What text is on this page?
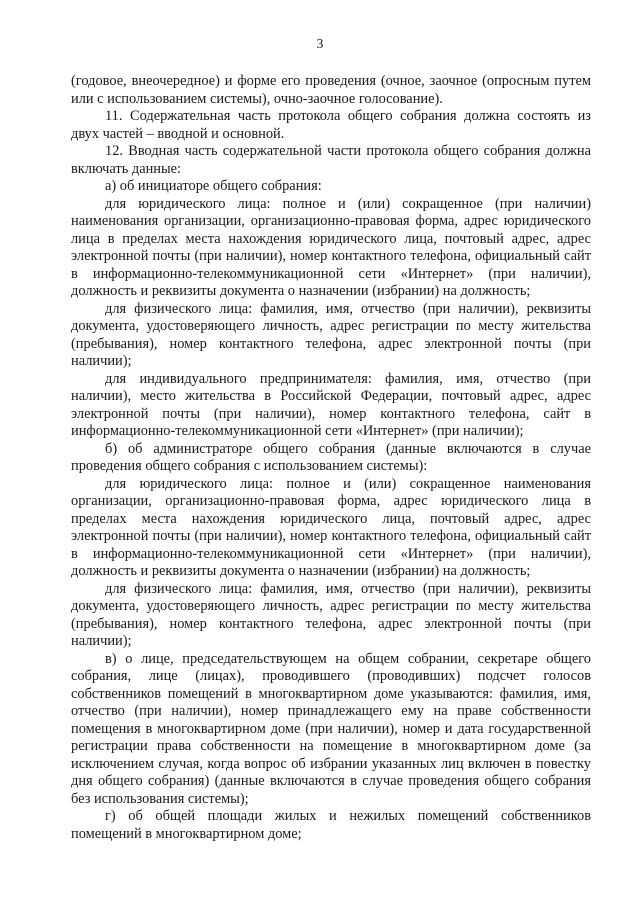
3

(годовое, внеочередное) и форме его проведения (очное, заочное (опросным путем или с использованием системы), очно-заочное голосование).

11. Содержательная часть протокола общего собрания должна состоять из двух частей – вводной и основной.

12. Вводная часть содержательной части протокола общего собрания должна включать данные:

а) об инициаторе общего собрания:

для юридического лица: полное и (или) сокращенное (при наличии) наименования организации, организационно-правовая форма, адрес юридического лица в пределах места нахождения юридического лица, почтовый адрес, адрес электронной почты (при наличии), номер контактного телефона, официальный сайт в информационно-телекоммуникационной сети «Интернет» (при наличии), должность и реквизиты документа о назначении (избрании) на должность;

для физического лица: фамилия, имя, отчество (при наличии), реквизиты документа, удостоверяющего личность, адрес регистрации по месту жительства (пребывания), номер контактного телефона, адрес электронной почты (при наличии);

для индивидуального предпринимателя: фамилия, имя, отчество (при наличии), место жительства в Российской Федерации, почтовый адрес, адрес электронной почты (при наличии), номер контактного телефона, сайт в информационно-телекоммуникационной сети «Интернет» (при наличии);

б) об администраторе общего собрания (данные включаются в случае проведения общего собрания с использованием системы):

для юридического лица: полное и (или) сокращенное наименования организации, организационно-правовая форма, адрес юридического лица в пределах места нахождения юридического лица, почтовый адрес, адрес электронной почты (при наличии), номер контактного телефона, официальный сайт в информационно-телекоммуникационной сети «Интернет» (при наличии), должность и реквизиты документа о назначении (избрании) на должность;

для физического лица: фамилия, имя, отчество (при наличии), реквизиты документа, удостоверяющего личность, адрес регистрации по месту жительства (пребывания), номер контактного телефона, адрес электронной почты (при наличии);

в) о лице, председательствующем на общем собрании, секретаре общего собрания, лице (лицах), проводившего (проводивших) подсчет голосов собственников помещений в многоквартирном доме указываются: фамилия, имя, отчество (при наличии), номер принадлежащего ему на праве собственности помещения в многоквартирном доме (при наличии), номер и дата государственной регистрации права собственности на помещение в многоквартирном доме (за исключением случая, когда вопрос об избрании указанных лиц включен в повестку дня общего собрания) (данные включаются в случае проведения общего собрания без использования системы);

г) об общей площади жилых и нежилых помещений собственников помещений в многоквартирном доме;
